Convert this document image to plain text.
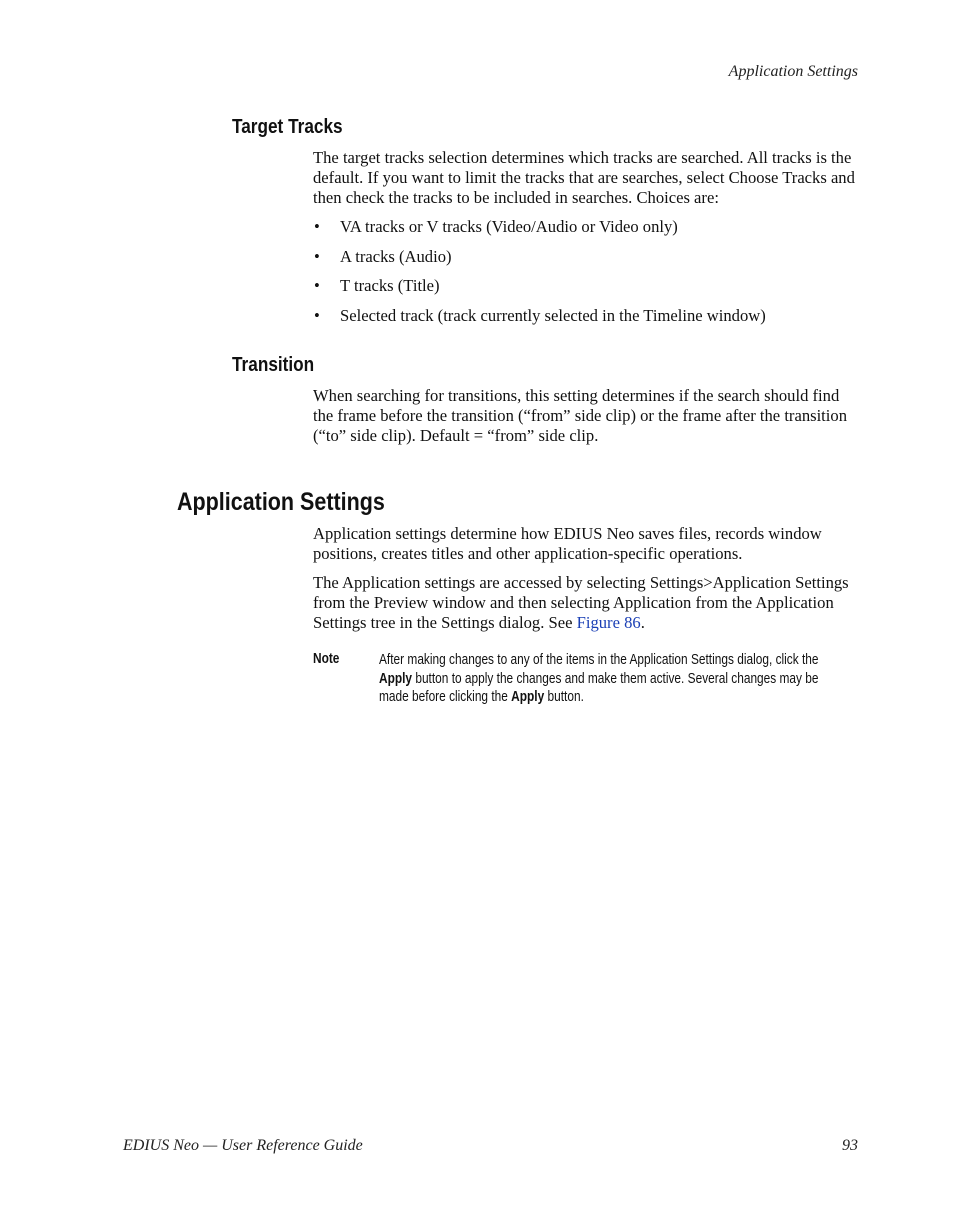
Application Settings
Target Tracks

The target tracks selection determines which tracks are searched. All tracks is the default. If you want to limit the tracks that are searches, select Choose Tracks and then check the tracks to be included in searches. Choices are:

• VA tracks or V tracks (Video/Audio or Video only)
• A tracks (Audio)
• T tracks (Title)
• Selected track (track currently selected in the Timeline window)
Transition

When searching for transitions, this setting determines if the search should find the frame before the transition (“from” side clip) or the frame after the transition (“to” side clip). Default = “from” side clip.

Application Settings

Application settings determine how EDIUS Neo saves files, records window positions, creates titles and other application-specific operations.

The Application settings are accessed by selecting Settings>Application Settings from the Preview window and then selecting Application from the Application Settings tree in the Settings dialog. See Figure 86.

Note	After making changes to any of the items in the Application Settings dialog, click the Apply button to apply the changes and make them active. Several changes may be made before clicking the Apply button.

EDIUS Neo — User Reference Guide	93
